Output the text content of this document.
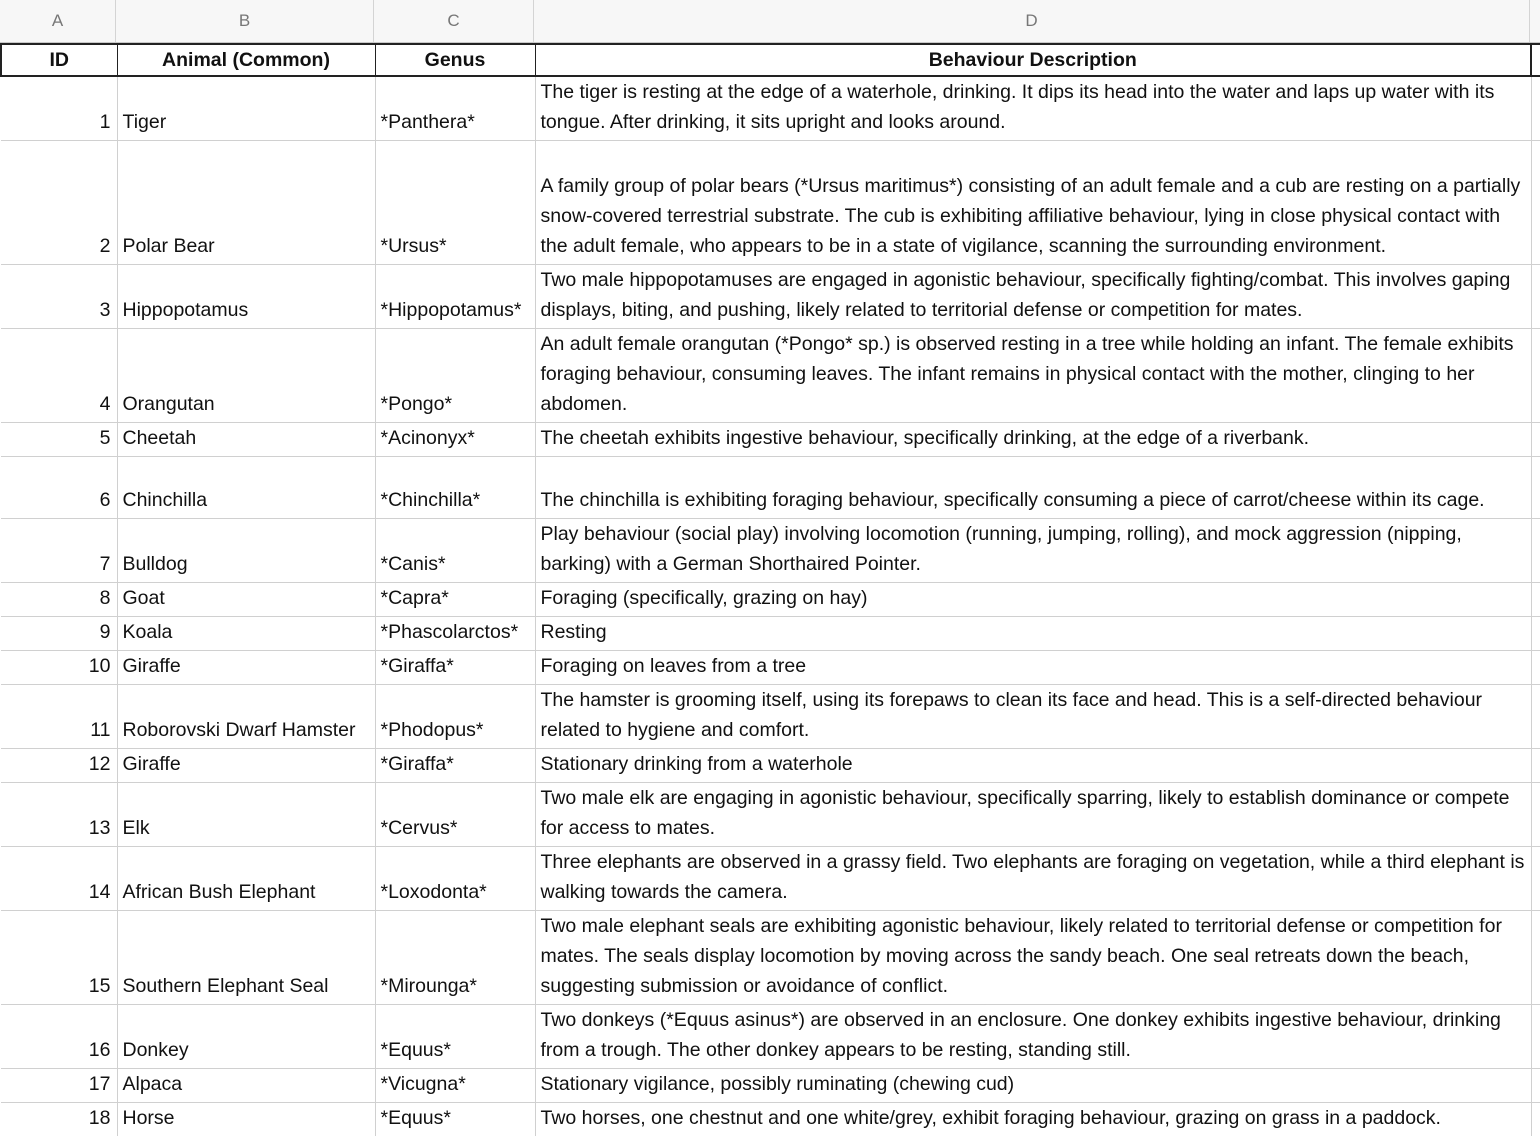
A	B	C	D
ID	Animal (Common)	Genus	Behaviour Description	
1	Tiger	*Panthera*	The tiger is resting at the edge of a waterhole, drinking. It dips its head into the water and laps up water with its tongue. After drinking, it sits upright and looks around.	
2	Polar Bear	*Ursus*	A family group of polar bears (*Ursus maritimus*) consisting of an adult female and a cub are resting on a partially snow-covered terrestrial substrate. The cub is exhibiting affiliative behaviour, lying in close physical contact with the adult female, who appears to be in a state of vigilance, scanning the surrounding environment.	
3	Hippopotamus	*Hippopotamus*	Two male hippopotamuses are engaged in agonistic behaviour, specifically fighting/combat. This involves gaping displays, biting, and pushing, likely related to territorial defense or competition for mates.	
4	Orangutan	*Pongo*	An adult female orangutan (*Pongo* sp.) is observed resting in a tree while holding an infant. The female exhibits foraging behaviour, consuming leaves. The infant remains in physical contact with the mother, clinging to her abdomen.	
5	Cheetah	*Acinonyx*	The cheetah exhibits ingestive behaviour, specifically drinking, at the edge of a riverbank.	
6	Chinchilla	*Chinchilla*	The chinchilla is exhibiting foraging behaviour, specifically consuming a piece of carrot/cheese within its cage.	
7	Bulldog	*Canis*	Play behaviour (social play) involving locomotion (running, jumping, rolling), and mock aggression (nipping, barking) with a German Shorthaired Pointer.	
8	Goat	*Capra*	Foraging (specifically, grazing on hay)	
9	Koala	*Phascolarctos*	Resting	
10	Giraffe	*Giraffa*	Foraging on leaves from a tree	
11	Roborovski Dwarf Hamster	*Phodopus*	The hamster is grooming itself, using its forepaws to clean its face and head. This is a self-directed behaviour related to hygiene and comfort.	
12	Giraffe	*Giraffa*	Stationary drinking from a waterhole	
13	Elk	*Cervus*	Two male elk are engaging in agonistic behaviour, specifically sparring, likely to establish dominance or compete for access to mates.	
14	African Bush Elephant	*Loxodonta*	Three elephants are observed in a grassy field. Two elephants are foraging on vegetation, while a third elephant is walking towards the camera.	
15	Southern Elephant Seal	*Mirounga*	Two male elephant seals are exhibiting agonistic behaviour, likely related to territorial defense or competition for mates. The seals display locomotion by moving across the sandy beach. One seal retreats down the beach, suggesting submission or avoidance of conflict.	
16	Donkey	*Equus*	Two donkeys (*Equus asinus*) are observed in an enclosure. One donkey exhibits ingestive behaviour, drinking from a trough. The other donkey appears to be resting, standing still.	
17	Alpaca	*Vicugna*	Stationary vigilance, possibly ruminating (chewing cud)	
18	Horse	*Equus*	Two horses, one chestnut and one white/grey, exhibit foraging behaviour, grazing on grass in a paddock.	
